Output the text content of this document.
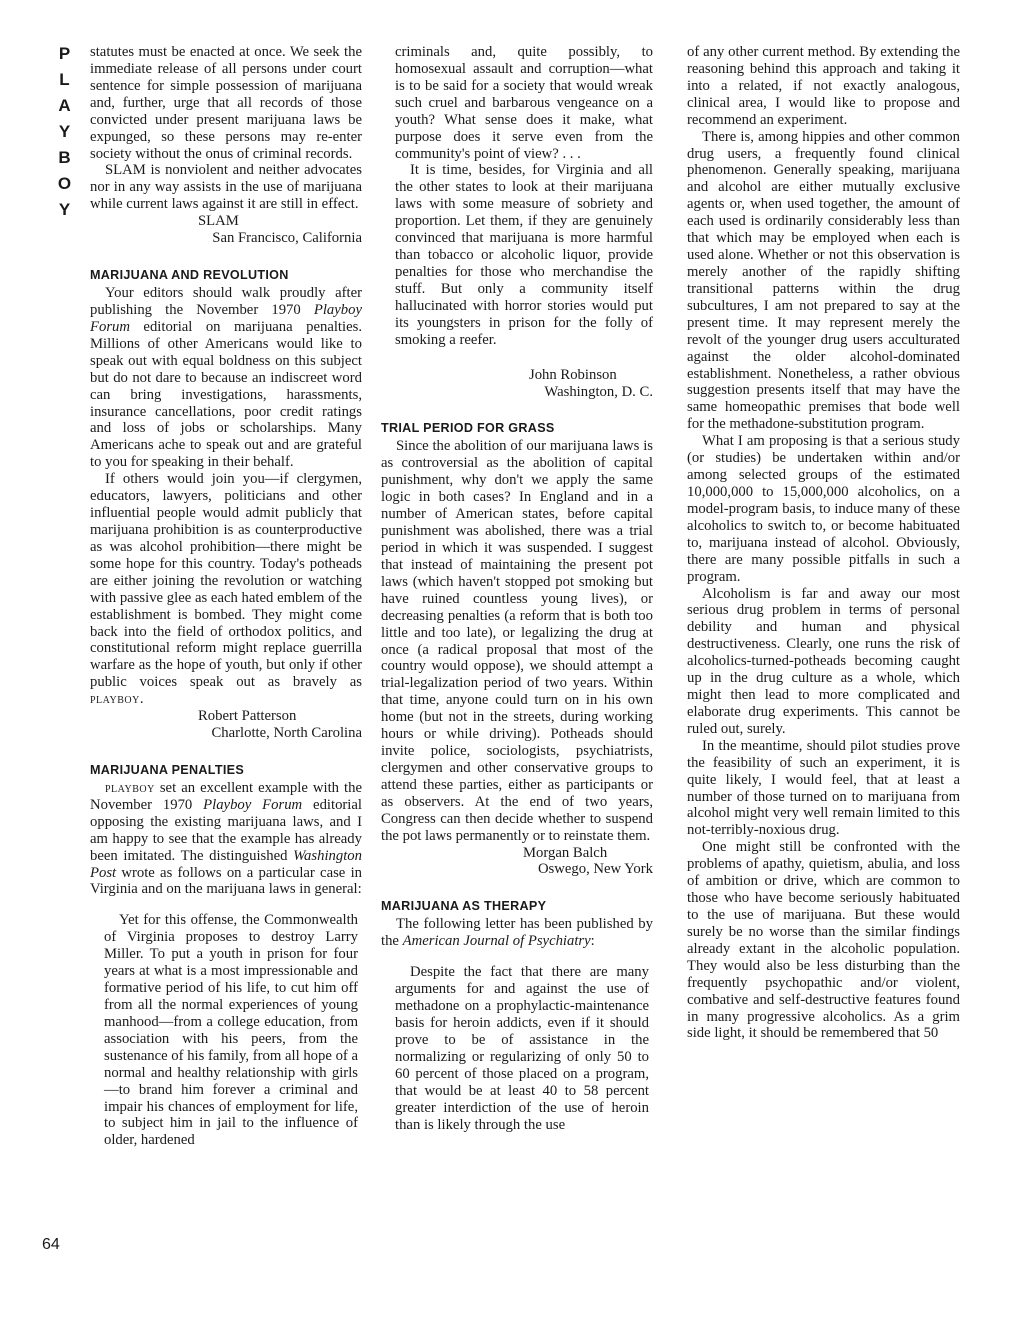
PLAYBOY
64

statutes must be enacted at once. We seek the immediate release of all persons under court sentence for simple possession of marijuana and, further, urge that all records of those convicted under present marijuana laws be expunged, so these persons may re-enter society without the onus of criminal records.

SLAM is nonviolent and neither advocates nor in any way assists in the use of marijuana while current laws against it are still in effect.

SLAM

San Francisco, California

MARIJUANA AND REVOLUTION

Your editors should walk proudly after publishing the November 1970 Playboy Forum editorial on marijuana penalties. Millions of other Americans would like to speak out with equal boldness on this subject but do not dare to because an indiscreet word can bring investigations, harassments, insurance cancellations, poor credit ratings and loss of jobs or scholarships. Many Americans ache to speak out and are grateful to you for speaking in their behalf.

If others would join you—if clergymen, educators, lawyers, politicians and other influential people would admit publicly that marijuana prohibition is as counterproductive as was alcohol prohibition—there might be some hope for this country. Today's potheads are either joining the revolution or watching with passive glee as each hated emblem of the establishment is bombed. They might come back into the field of orthodox politics, and constitutional reform might replace guerrilla warfare as the hope of youth, but only if other public voices speak out as bravely as playboy.

Robert Patterson

Charlotte, North Carolina

MARIJUANA PENALTIES

playboy set an excellent example with the November 1970 Playboy Forum editorial opposing the existing marijuana laws, and I am happy to see that the example has already been imitated. The distinguished Washington Post wrote as follows on a particular case in Virginia and on the marijuana laws in general:

Yet for this offense, the Commonwealth of Virginia proposes to destroy Larry Miller. To put a youth in prison for four years at what is a most impressionable and formative period of his life, to cut him off from all the normal experiences of young manhood—from a college education, from association with his peers, from the sustenance of his family, from all hope of a normal and healthy relationship with girls—to brand him forever a criminal and impair his chances of employment for life, to subject him in jail to the influence of older, hardened

criminals and, quite possibly, to homosexual assault and corruption—what is to be said for a society that would wreak such cruel and barbarous vengeance on a youth? What sense does it make, what purpose does it serve even from the community's point of view? . . .

It is time, besides, for Virginia and all the other states to look at their marijuana laws with some measure of sobriety and proportion. Let them, if they are genuinely convinced that marijuana is more harmful than tobacco or alcoholic liquor, provide penalties for those who merchandise the stuff. But only a community itself hallucinated with horror stories would put its youngsters in prison for the folly of smoking a reefer.

John Robinson

Washington, D. C.

TRIAL PERIOD FOR GRASS

Since the abolition of our marijuana laws is as controversial as the abolition of capital punishment, why don't we apply the same logic in both cases? In England and in a number of American states, before capital punishment was abolished, there was a trial period in which it was suspended. I suggest that instead of maintaining the present pot laws (which haven't stopped pot smoking but have ruined countless young lives), or decreasing penalties (a reform that is both too little and too late), or legalizing the drug at once (a radical proposal that most of the country would oppose), we should attempt a trial-legalization period of two years. Within that time, anyone could turn on in his own home (but not in the streets, during working hours or while driving). Potheads should invite police, sociologists, psychiatrists, clergymen and other conservative groups to attend these parties, either as participants or as observers. At the end of two years, Congress can then decide whether to suspend the pot laws permanently or to reinstate them.

Morgan Balch

Oswego, New York

MARIJUANA AS THERAPY

The following letter has been published by the American Journal of Psychiatry:

Despite the fact that there are many arguments for and against the use of methadone on a prophylactic-maintenance basis for heroin addicts, even if it should prove to be of assistance in the normalizing or regularizing of only 50 to 60 percent of those placed on a program, that would be at least 40 to 58 percent greater interdiction of the use of heroin than is likely through the use

of any other current method. By extending the reasoning behind this approach and taking it into a related, if not exactly analogous, clinical area, I would like to propose and recommend an experiment.

There is, among hippies and other common drug users, a frequently found clinical phenomenon. Generally speaking, marijuana and alcohol are either mutually exclusive agents or, when used together, the amount of each used is ordinarily considerably less than that which may be employed when each is used alone. Whether or not this observation is merely another of the rapidly shifting transitional patterns within the drug subcultures, I am not prepared to say at the present time. It may represent merely the revolt of the younger drug users acculturated against the older alcohol-dominated establishment. Nonetheless, a rather obvious suggestion presents itself that may have the same homeopathic premises that bode well for the methadone-substitution program.

What I am proposing is that a serious study (or studies) be undertaken within and/or among selected groups of the estimated 10,000,000 to 15,000,000 alcoholics, on a model-program basis, to induce many of these alcoholics to switch to, or become habituated to, marijuana instead of alcohol. Obviously, there are many possible pitfalls in such a program.

Alcoholism is far and away our most serious drug problem in terms of personal debility and human and physical destructiveness. Clearly, one runs the risk of alcoholics-turned-potheads becoming caught up in the drug culture as a whole, which might then lead to more complicated and elaborate drug experiments. This cannot be ruled out, surely.

In the meantime, should pilot studies prove the feasibility of such an experiment, it is quite likely, I would feel, that at least a number of those turned on to marijuana from alcohol might very well remain limited to this not-terribly-noxious drug.

One might still be confronted with the problems of apathy, quietism, abulia, and loss of ambition or drive, which are common to those who have become seriously habituated to the use of marijuana. But these would surely be no worse than the similar findings already extant in the alcoholic population. They would also be less disturbing than the frequently psychopathic and/or violent, combative and self-destructive features found in many progressive alcoholics. As a grim side light, it should be remembered that 50
